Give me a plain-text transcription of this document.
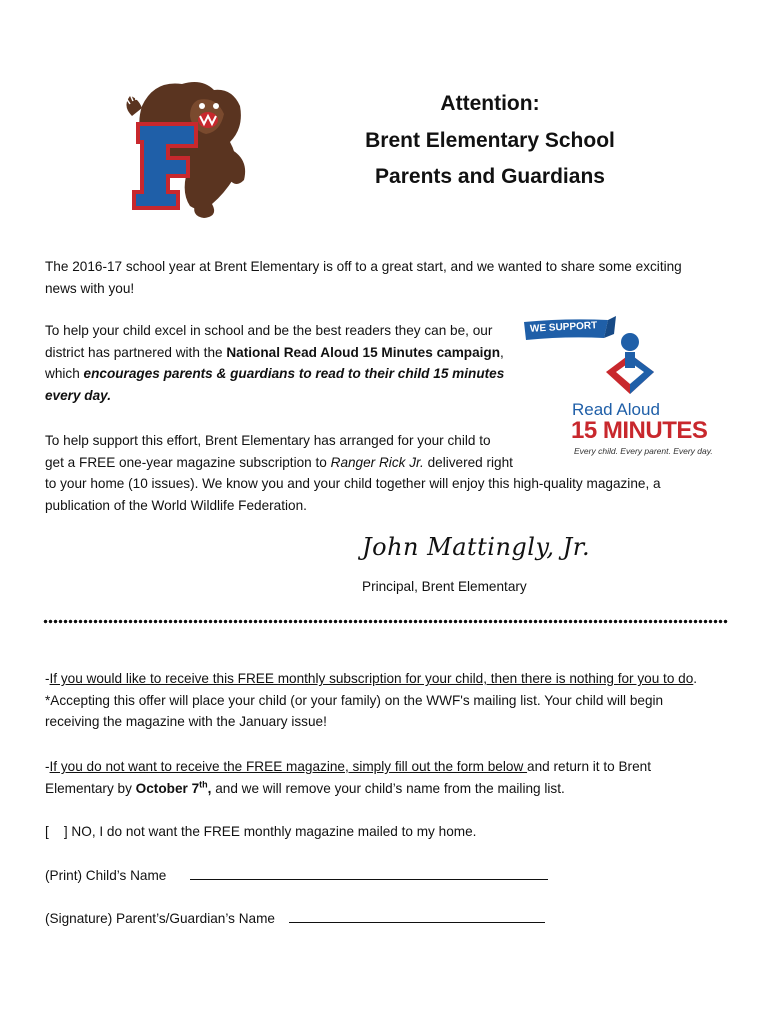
Attention:
Brent Elementary School
Parents and Guardians
The 2016-17 school year at Brent Elementary is off to a great start, and we wanted to share some exciting
news with you!
To help your child excel in school and be the best readers they can be, our
district has partnered with the National Read Aloud 15 Minutes campaign,
which encourages parents & guardians to read to their child 15 minutes
every day.
WE SUPPORT
Read Aloud
15 MINUTES
Every child. Every parent. Every day.
To help support this effort, Brent Elementary has arranged for your child to
get a FREE one-year magazine subscription to Ranger Rick Jr. delivered right
to your home (10 issues). We know you and your child together will enjoy this high-quality magazine, a
publication of the World Wildlife Federation.
John Mattingly, Jr.
Principal, Brent Elementary
-If you would like to receive this FREE monthly subscription for your child, then there is nothing for you to do.
*Accepting this offer will place your child (or your family) on the WWF's mailing list. Your child will begin
receiving the magazine with the January issue!
-If you do not want to receive the FREE magazine, simply fill out the form below and return it to Brent
Elementary by October 7th, and we will remove your child’s name from the mailing list.
[    ] NO, I do not want the FREE monthly magazine mailed to my home.
(Print) Child’s Name
(Signature) Parent’s/Guardian’s Name
